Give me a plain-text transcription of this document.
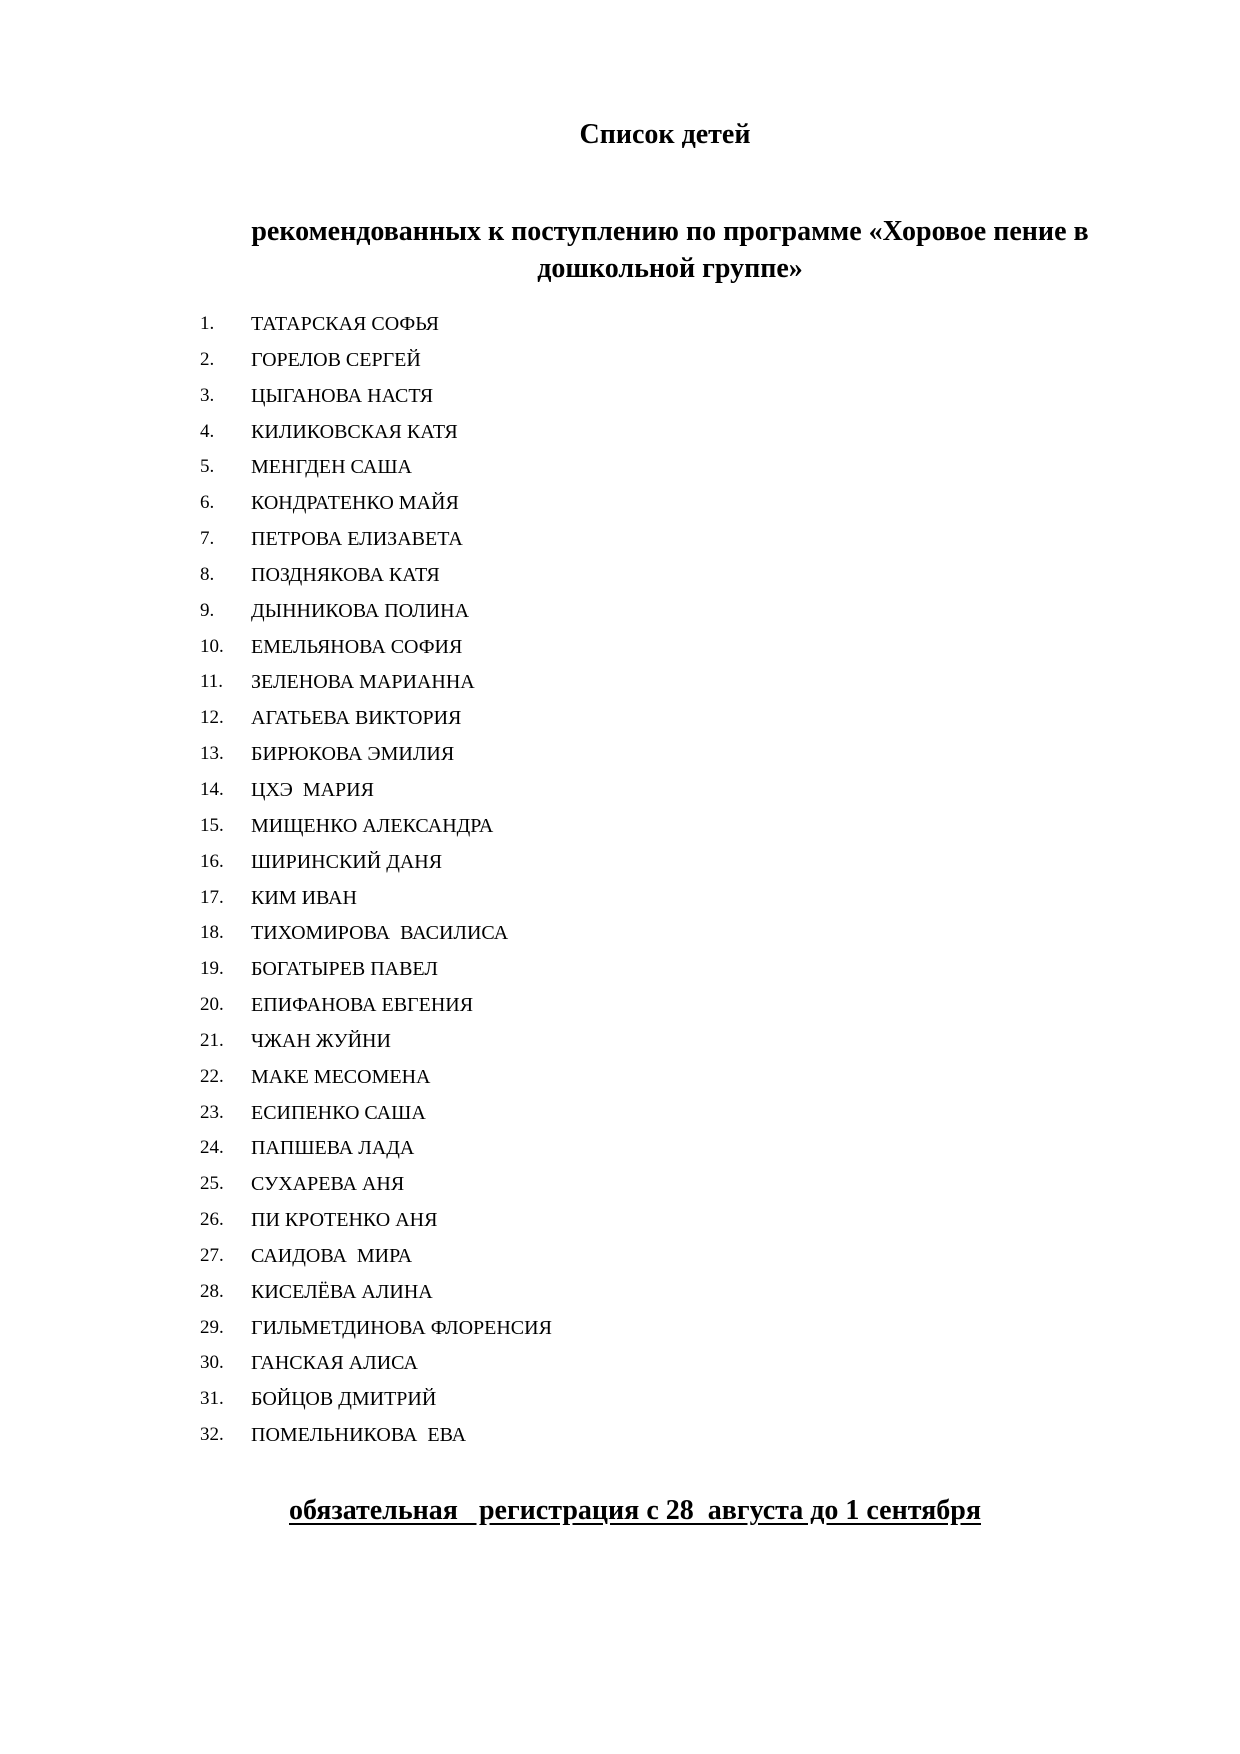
Список детей
рекомендованных к поступлению по программе «Хоровое пение в дошкольной группе»
1.	ТАТАРСКАЯ СОФЬЯ
2.	ГОРЕЛОВ СЕРГЕЙ
3.	ЦЫГАНОВА НАСТЯ
4.	КИЛИКОВСКАЯ КАТЯ
5.	МЕНГДЕН САША
6.	КОНДРАТЕНКО МАЙЯ
7.	ПЕТРОВА ЕЛИЗАВЕТА
8.	ПОЗДНЯКОВА КАТЯ
9.	ДЫННИКОВА ПОЛИНА
10.	ЕМЕЛЬЯНОВА СОФИЯ
11.	ЗЕЛЕНОВА МАРИАННА
12.	АГАТЬЕВА ВИКТОРИЯ
13.	БИРЮКОВА ЭМИЛИЯ
14.	ЦХЭ  МАРИЯ
15.	МИЩЕНКО АЛЕКСАНДРА
16.	ШИРИНСКИЙ ДАНЯ
17.	КИМ ИВАН
18.	ТИХОМИРОВА  ВАСИЛИСА
19.	БОГАТЫРЕВ ПАВЕЛ
20.	ЕПИФАНОВА ЕВГЕНИЯ
21.	ЧЖАН ЖУЙНИ
22.	МАКЕ МЕСОМЕНА
23.	ЕСИПЕНКО САША
24.	ПАПШЕВА ЛАДА
25.	СУХАРЕВА АНЯ
26.	ПИ КРОТЕНКО АНЯ
27.	САИДОВА  МИРА
28.	КИСЕЛЁВА АЛИНА
29.	ГИЛЬМЕТДИНОВА ФЛОРЕНСИЯ
30.	ГАНСКАЯ АЛИСА
31.	БОЙЦОВ ДМИТРИЙ
32.	ПОМЕЛЬНИКОВА  ЕВА

обязательная   регистрация с 28  августа до 1 сентября
